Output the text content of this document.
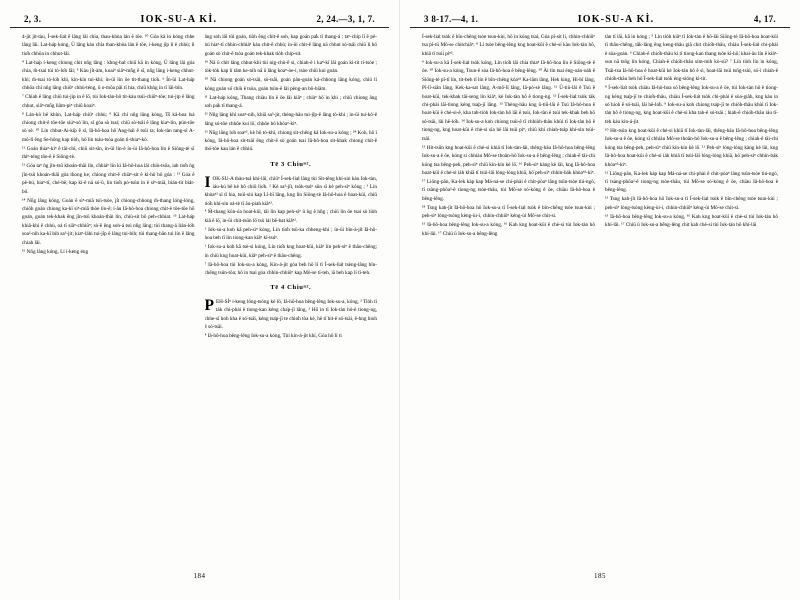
2, 3.	IOK-SU-A KÌ.	2, 24.—3, 1, 7.

4-jit jit-tàu, Í-sek-lia̍t ê lâng lâi chia, thau-khòa lán ê tōe. ¹⁰ Góa kā in kóng chhe lâng lâi. Lat-ha̍p kóng, Ū lâng kàu chia than-khòa lán ê tōe, i-keng jîp lí ê chhù; lí tio̍h chhōa in chhut-lâi.

⁴ Lat-ha̍p í-keng chiong chit nn̄g lâng : khng-ba̍t chiū kā in kóng, Ū lâng lâi góa chia, m̄-tsai tùi tó-lo̍h lâi; ⁵ Kàu ji̍t-àm, koaiⁿ siâⁿ-mn̂g ê sî, nn̄g lâng í-keng chhut-khì; m̄-tsai tó-lo̍h khì, kín-kín tui-khì; ín-ūi lín ōe tit-thang tio̍h. ⁶ Ín-ūi Lat-ha̍p chhōa chí nn̄g lâng chiūⁿ chhù-téng, ū o-môa pâi tī hia, chiū khǹg in tī lāi-bīn.

⁷ Chiah ê lâng chiū tui-jip in ê lō͘, tùi Iok-tàn-hô tit-kàu tsúi-chiūⁿ-tōe; tui-jip ê lâng chhut, siâⁿ-mn̂g liâm-piⁿ chiū koaiⁿ.

⁸ Lán-kò͘ bē khùn, Lat-ha̍p chiūⁿ chhù; ⁹ Kā chí nn̄g lâng kóng, Ts̄ kā-hoa lsá chiong chit-ê tōe-tōe siúⁿ-sò͘ lín, sî góa sò͘ tsai; chiū sò͘-tsâi ê lâng kiaⁿ-lín, pún-tōe sò͘ sè. ¹⁰ Lín chhut-Ai-ki̍p ê sî, Iâ-hô-hoa hō͘ Ang-hái ê tsúi ta; Iok-tàn tang-sì A-mô͘-lî êng Se-hông kap tiòh, hō͘ lín tsáu-tsòa goán tì-thiaⁿ-kò͘.

¹¹ Goán thiaⁿ-kìⁿ ê tāi-chì, chiū sit-sîn, ín-ūi lín-ê ín-ūi Iâ-hô-hoa lín ê Siōng-tè sī thiⁿ-téng tōe-ê ê Siōng-tè.

¹² Góa taⁿ ǹg jîn-tsû khoán-thāi lín, chhiáⁿ lín kì Iâ-hô-hoa lâi chiù-tsōa, iah tio̍h ǹg jîn-tsû khoán-thāi góa thong ke, chiong chit-ê chiàⁿ-sit ê kì-hō͘ bô góa : ¹³ Góa ê pē-bú, hiaⁿ-tī, ché-bē, kap kì-ê nā só͘-ū, lín tio̍h pó-tsûn in ê sìⁿ-miā, bián-tit biát-bô.

¹⁴ Nn̄g lâng kóng, Goán ê sìⁿ-miā tsū-tsòe, ji̍t chiong-chhong m̄-thang lóng-lóng, chiòh goán chiong ka-kī sìⁿ-miā thòe lín-ê; í-āu Iâ-hô-hoa chiong chit-ê tōe-tōe hō͘ goán, goán tek-khak êng jîn-tsû khoán-thāi lín, chiù-sit bô peh-chhiat. ¹⁵ Lat-ha̍p khiâ-khì ê chhù, oá tī siâⁿ-chhiûⁿ; sò͘-ê êng soh-á tsú nn̄g lâng; tùi thang-á lián-lo̍h soa²-nih ka-kī bih sa³-jit; kiaⁿ-láhi tui-jîp ê lâng tui-bih; tùi thang-bān tui lín ê lâng chiah lâi.

¹⁶ Nn̄g lâng kóng, Lí í-keng éng

âng soh lâi tûi goán, tiòh êng chit-ê soh, kap goán pa̍k tī thang-á ; taⁿ-chip lí ê pē-bú hiaⁿ-tī chhin-chhiáⁿ kàu chit-ê chhù; ín-ūi chit-ê lâng nā chhut sò͘-tsâi chiū lí hō͘ goán sò͘ chit-ê tsòa goán tek-khak tiòh chip-sit.

¹⁹ Nā ū chit lâng chhut-khì tùi níg-chù-ê sì, chiah-ê i kaⁿ-kī lâi goán kì-tit ti-tsòe ; tòk-tòk kap lí tâm ke-nih nā ū lâng koaⁿ-òe-i, tsòe chiū kui goán.

²⁰ Nā chiong goán sò͘-tsâi, sò͘-tsâi, goán pān-goán ká-chhong lâng kóng, chiū lí kóng goán só͘ chiù ê tsòa, goán tsūn-ê lâi pêng-an bô-hiām.

²¹ Lat-ha̍p kóng, Thang chiàu lín ê ōe lâi kiâⁿ ; chiàⁿ hō͘ in khì ; chiū chiong âng soh pa̍k tī thang-á.

²² Nn̄g lâng khì soaⁿ-nih, khiā sa³-jit, thèng-hāu tui-jîp-ê lâng tò-khì ; in-ūi tui-kò͘-ê lâng só͘-tōe chhōe kui lō͘, chhōe bô khòaⁿ-kìⁿ.

²³ Nn̄g lâng lo̍h soaⁿ², kè hô tò-khì, chiong sit-chêng kā Iok-su-a kóng ; ²⁴ Koh, hō͘ i kóng, Iâ-hô-hoa sit-tsāi ēng chit-ê sò͘ goán tsai Iâ-hô-hoa sit-khak chiong chit-ê thó͘-tōe kau lán ê chhiú.

Tē 3 Chiuⁿ².

IOK-SU-A thàu-tsá khí-lâi, chiūⁿ Í-sek-lia̍t lâng tùi Sit-tēng khí-sin kàu Iok-tàn, iáu-kú bē kè hô chiū lio̍h. ² Kè sa³-ji̍t, tsòk-tsúⁿ sûn sī kè peh-sìⁿ kóng ; ³ Lín khòaⁿ² sī tī hia, tsúi-siú kap Lî-bī lâng, kng lín Siōng-tè Iâ-hô-hoa ê hoat-kūi, chiū tio̍h khí-sin oá-tè tī āu-piah kiâⁿ².

⁴ M̄-thang kūn-óa hoat-kūi, tāi lín kap peh-sìⁿ ū ǹg ê hn̄g ; chiū lín ōe tsai sò͘ tiòh kiâ ê lō͘, in-ūi chit-tsūn lō͘ tsò lái bē-bat kiâⁿ².

⁵ Iok-su-a koh kā peh-sìⁿ kóng, Lín tio̍h tsū-ka chheng-khì ; ín-ūi bîn-á-ji̍t Iâ-hô-hoa beh tī lín tiong-kan kiâⁿ kî-tsúⁿ.

⁶ Iok-su-a koh kā tsè-si kóng, Lín tio̍h kng hoat-kūi, kiâⁿ lín peh-sìⁿ ê thâu-chêng; in chiū kng hoat-kūi, kiâⁿ peh-sìⁿ ê thâu-chêng.

⁷ Iâ-hô-hoa tùi Iok-su-a kóng, Kin-á-jit góa beh hō͘ lí tī Í-sek-lia̍t tsèng-lâng bīn-chêng tsûn-tōa; hō͘ in tsai góa chhin-chhiūⁿ kap Mô͘-se tī-teh, iā beh kap lí tī-teh.

Tē 4 Chiuⁿ².

PEH-SÌⁿ í-keng lóng-tsóng kè lō͘, Iâ-hô-hoa bêng-lêng Iok-su-a, kóng, ² Tiòh tī tàk chi-phài ê tiong-kan kéng cha̍p-jī lâng, ³ Hō͘ in tī Iok-tàn hô-ê tiong-ng, chhe-sī hoh kha ê só͘-tsāi, kéng tsa̍p-jī te chio̍h tòa kè, hē tī hit-ê só͘-tsāi, ê-hng hioh ê só͘-tsāi.

⁴ Iâ-hô-hoa bêng-lêng Iok-su-a kóng, Tùi kin-á-jit khí, Góa hō͘ lí ti

184
3 8-17.—4, 1.	IOK-SU-A KÌ.	4, 17.

Í-sek-lia̍t tsòk ê bīn-chêng tsòe tsun-kùi, hō͘ in kóng tsai, Góa pî-sit lí, chhin-chhiūⁿ tsa pî-tū Mô͘-se chitchiâⁿ; ⁸ Lí tsòe bêng-lêng kng hoat-kūi ê chè-si kàu Iok-tàn hô, khiā tī tsúi piⁿ².

⁹ Iok-su-a kā Í-sek-lia̍t tsòk kóng, Lín tio̍h lâi chia thiaⁿ Iâ-hô-hoa lín ê Siōng-tè ê ōe. ¹⁰ Iok-su-a kóng, Tsun-ê sòa Iâ-hô-hoa ê bêng-lêng. ¹⁰ Ài lín tsai éng-oán-oáh ê Siōng-tè pî-tī lín, tit-beh tī lín ê bīn-chêng kóaⁿ² Ka-lâm lâng, Hek kìng, Hi-bī lâng, Pî-lī-siân lâng, Kek-ka-sat lâng, A-mô͘-lî lâng, Iâ-pò͘-sè lâng. ¹¹ Ū-tiū-lâi ê Tsú ê hoat-kūi, tek-khak tāi-seng lín kiâⁿ, kè Iok-tàn hô ê tiong-ng. ¹² Í-sek-lia̍t tsòk tāk chi-phài lāi-tiong kéng tsa̍p-jī lâng. ¹³ Thèng-hāu kng ū-tiū-lâi ê Tsú Iâ-hô-hoa ê hoat-kūi ê chè-si-ê, kha tah-tiòh Iok-tàn hô lāi ê tsúi, Iok-tàn ê tsúi tek-khak beh hō͘ só͘-tsāi, lâi hē-lo̍h. ¹⁴ Iok-su-a koh chiong tsúi-ê tī chhiòh-thâu khùi tī Iok-tàn hô ê tiong-ng, kng hoat-kūi ê chè-si sîa hē lâi tsúi piⁿ, chiū khí chiah-tsáp khí-sin tsùi-tsāi.

¹⁵ Hit-tsūn kng hoat-kūi ê chè-si khiā tī Iok-tàn-lāi, thêng-hāu Iâ-hô-hoa bêng-lêng Iok-su-a ê ōe, kóng si chhiàu Mô͘-se thoân-hō͘ Iok-su-a ê bêng-lêng ; chiah-ê tāi-chì kóng tsa bêng-peh, peh-sìⁿ chiū kín-kín kè lō͘. ¹⁶ Peh-sìⁿ kàng kè lāi, kng Iâ-hô-hoa hoat-kūi ê chè-si iáh khiā tī tsúi-lāi lóng-lóng khiā, hō͘ peh-sìⁿ chhin-bák khòaⁿ²-kìⁿ.

¹⁷ Liōng-pān, Ka-lek kàp kap Má-ná-se chi-phài ê chit-pòaⁿ lâng tsûn-tsòe tiú-ngó͘, tī tsàng-phōa²-ê tiong-ng tsòe-thâu, tùi Mô͘-se só͘-kóng ê ōe, chiàu Iâ-hô-hoa ê bêng-lêng.

¹⁸ Tsng kah-jīt Iâ-hô-hoa hō͘ Iok-su-a tī Í-sek-lia̍t tsòk ê bīn-chêng tsòe tsun-kùi ; peh-sìⁿ lóng-tsóng kèng-ùi-i, chhin-chhiūⁿ kéng-ùi Mô͘-se chit-sì.

¹⁵ Iâ-hô-hoa bêng-lêng Iok-su-a kóng, ¹⁶ Kah kng hoat-kūi ê chè-si tùi Iok-tàn hô khí-lâi. ¹⁷ Chiū ū Iok-su-a bêng-lêng

tàn tī lāi, kā in kóng ; ⁵ Lín tiòh kiâⁿ tī Iok-tàn ê hô-lāi Siōng-tè Iâ-hô-hoa hoat-kūi tī thâu-chêng, tāk-lâng êng keng-thâu giâ chit chio̍h-thâu, chiàu Í-sek-lia̍t chi-phài ê sòa-goán. ⁶ Chiah-ê chio̍h-thâu ki tī tiong-kan thang tsòe kì-hō͘; khai-āu lín ê kiáⁿ-sun nā tsn̄g lín kóng, Chiah-ê chio̍h-thâu sím-mih kò͘-sū? ⁷ Lín tiòh lín in kóng, Tsāi-tsa Iâ-hô-hoa ê hoat-kūi kè Iok-tàn hô ê sì, hoat-lāi tsúi tsn̄g-tsùi, só͘-í chiah-ê chio̍h-thâu beh hō͘ Í-sek-lia̍t tsòk éng-sióng kì-tit.

⁸ Í-sek-lia̍t tsòk chiàu Iâ-hô-hoa só͘ bêng-lêng Iok-su-a ê ōe, tùi Iok-tàn hô ê tiong-ng kéng tsa̍p-jī te chio̍h-thâu, chiàu Í-sek-lia̍t tsòk chi-phài ê sòa-giâh, kng kàu in só͘ hioh ê só͘-tsāi, lâi hē-lo̍h. ⁹ Iok-su-a koh chiong tsa̍p-jī te chiòh-thâu khùi tī Iok-tàn hô ê tiong-ng, kng hoat-kūi ê chè-si kha tah-ê só͘-tsāi ; hiah-ê chio̍h-thâu iáu tī-teh kàu kin-á-jit.

¹⁰ Hit-tsūn kng hoat-kūi ê chè-si khiā tī Iok-tàn-lāi, thêng-hāu Iâ-hô-hoa bêng-lêng Iok-su-a ê ōe, kóng sī chhiàu Mô͘-se thoân-hō͘ Iok-su-a ê bêng-lêng ; chiah-ê tāi-chì kóng tsa bêng-peh, peh-sìⁿ chiū kín-kín kè lō͘. ¹¹ Peh-sìⁿ lóng-lóng kàng kè lāi, kng Iâ-hô-hoa hoat-kūi ê chè-si iáh khiā tī tsúi-lāi lóng-lóng khiā, hō͘ peh-sìⁿ chhin-bák khòaⁿ²-kìⁿ.

¹² Liōng-pān, Ka-lek kàp kap Má-ná-se chi-phài ê chit-pòaⁿ lâng tsûn-tsòe tiú-ngó͘, tī tsàng-phōa²-ê tiong-ng tsòe-thâu, tùi Mô͘-se só͘-kóng ê ōe, chiàu Iâ-hô-hoa ê bêng-lêng.

¹³ Tsng kah-jīt Iâ-hô-hoa hō͘ Iok-su-a tī Í-sek-lia̍t tsòk ê bīn-chêng tsòe tsun-kùi ; peh-sìⁿ lóng-tsóng kèng-ùi-i, chhin-chhiūⁿ kéng-ùi Mô͘-se chit-sì.

¹⁵ Iâ-hô-hoa bêng-lêng Iok-su-a kóng, ¹⁶ Kah kng hoat-kūi ê chè-si tùi Iok-tàn hô khí-lâi. ¹⁷ Chiū ū Iok-su-a bêng-lêng chit kah chè-si tùi Iok-tàn hô khí-lâi

185
